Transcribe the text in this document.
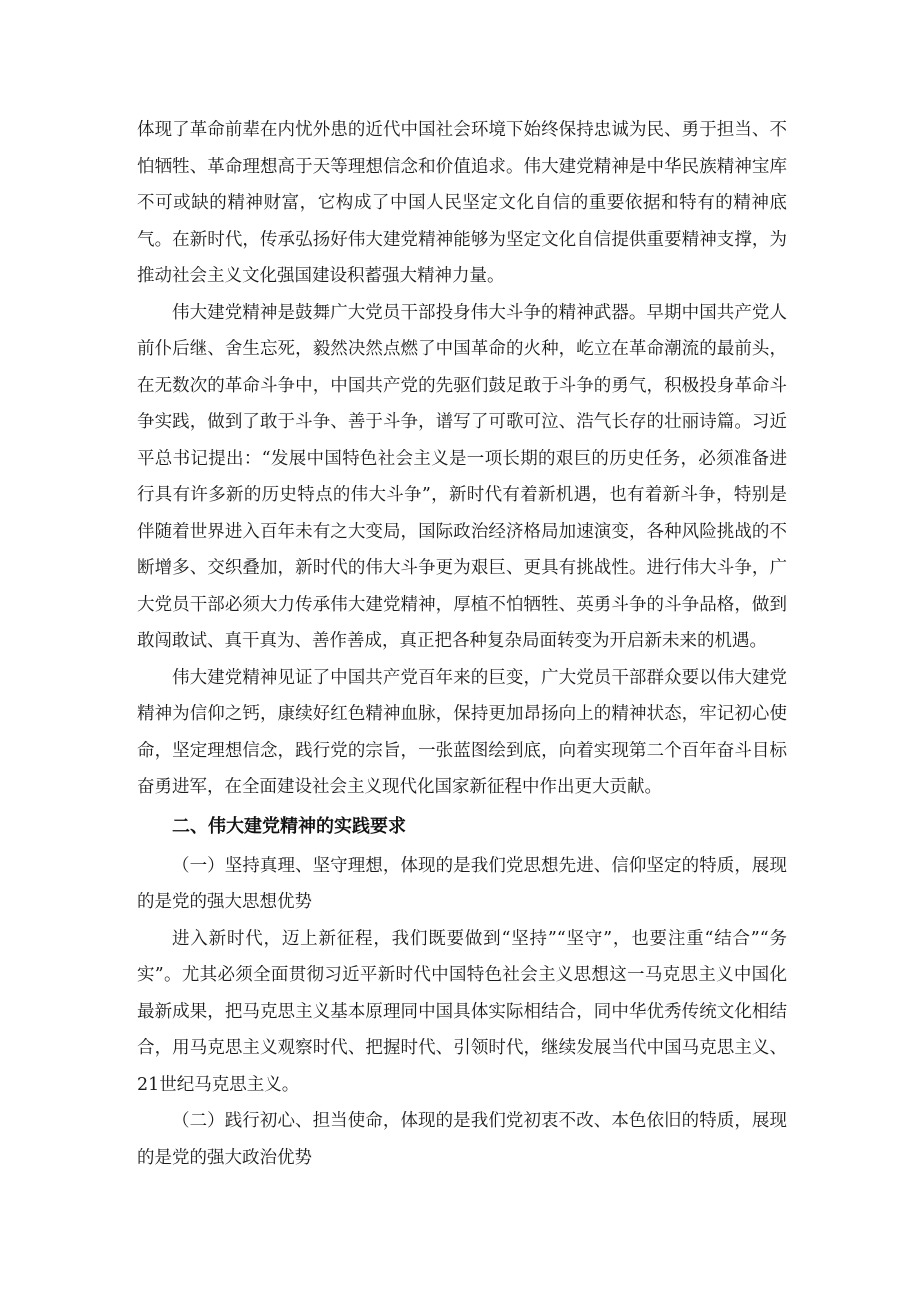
体现了革命前辈在内忧外患的近代中国社会环境下始终保持忠诚为民、勇于担当、不怕牺牲、革命理想高于天等理想信念和价值追求。伟大建党精神是中华民族精神宝库不可或缺的精神财富，它构成了中国人民坚定文化自信的重要依据和特有的精神底气。在新时代，传承弘扬好伟大建党精神能够为坚定文化自信提供重要精神支撑，为推动社会主义文化强国建设积蓄强大精神力量。

伟大建党精神是鼓舞广大党员干部投身伟大斗争的精神武器。早期中国共产党人前仆后继、舍生忘死，毅然决然点燃了中国革命的火种，屹立在革命潮流的最前头，在无数次的革命斗争中，中国共产党的先驱们鼓足敢于斗争的勇气，积极投身革命斗争实践，做到了敢于斗争、善于斗争，谱写了可歌可泣、浩气长存的壮丽诗篇。习近平总书记提出：“发展中国特色社会主义是一项长期的艰巨的历史任务，必须准备进行具有许多新的历史特点的伟大斗争”，新时代有着新机遇，也有着新斗争，特别是伴随着世界进入百年未有之大变局，国际政治经济格局加速演变，各种风险挑战的不断增多、交织叠加，新时代的伟大斗争更为艰巨、更具有挑战性。进行伟大斗争，广大党员干部必须大力传承伟大建党精神，厚植不怕牺牲、英勇斗争的斗争品格，做到敢闯敢试、真干真为、善作善成，真正把各种复杂局面转变为开启新未来的机遇。

伟大建党精神见证了中国共产党百年来的巨变，广大党员干部群众要以伟大建党精神为信仰之钙，康续好红色精神血脉，保持更加昂扬向上的精神状态，牢记初心使命，坚定理想信念，践行党的宗旨，一张蓝图绘到底，向着实现第二个百年奋斗目标奋勇进军，在全面建设社会主义现代化国家新征程中作出更大贡献。

二、伟大建党精神的实践要求

（一）坚持真理、坚守理想，体现的是我们党思想先进、信仰坚定的特质，展现的是党的强大思想优势

进入新时代，迈上新征程，我们既要做到“坚持”“坚守”，也要注重“结合”“务实”。尤其必须全面贯彻习近平新时代中国特色社会主义思想这一马克思主义中国化最新成果，把马克思主义基本原理同中国具体实际相结合，同中华优秀传统文化相结合，用马克思主义观察时代、把握时代、引领时代，继续发展当代中国马克思主义、21世纪马克思主义。

（二）践行初心、担当使命，体现的是我们党初衷不改、本色依旧的特质，展现的是党的强大政治优势
